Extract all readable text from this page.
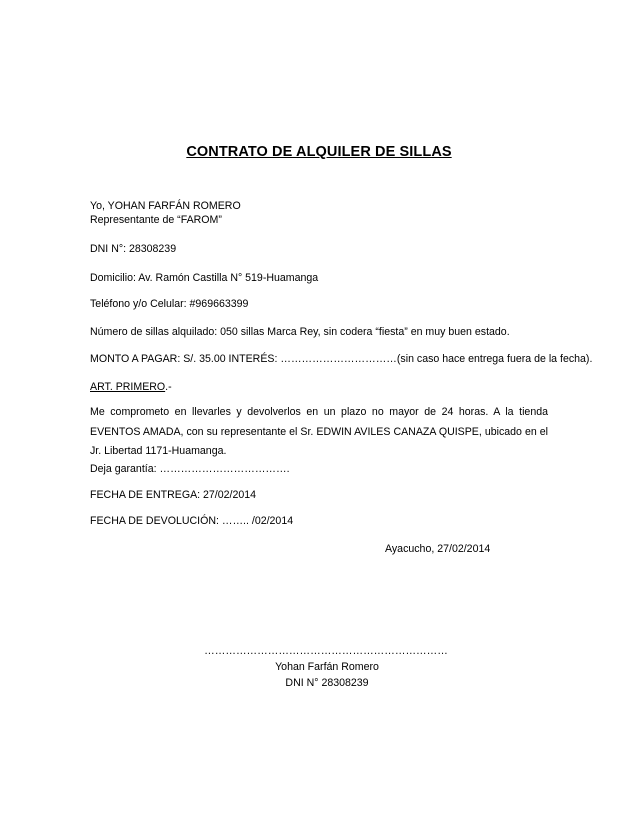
CONTRATO DE ALQUILER DE SILLAS
Yo, YOHAN FARFÁN ROMERO
Representante de “FAROM”
DNI N°: 28308239
Domicilio: Av. Ramón Castilla N° 519-Huamanga
Teléfono y/o Celular: #969663399
Número de sillas alquilado: 050 sillas Marca Rey, sin codera “fiesta” en muy buen estado.
MONTO A PAGAR: S/. 35.00 INTERÉS: ……………………………(sin caso hace entrega fuera de la fecha).
ART. PRIMERO.-
Me comprometo en llevarles y devolverlos en un plazo no mayor de 24 horas. A la tienda EVENTOS AMADA, con su representante el Sr. EDWIN AVILES CANAZA QUISPE, ubicado en el Jr. Libertad 1171-Huamanga.
Deja garantía: ……………………………….
FECHA DE ENTREGA: 27/02/2014
FECHA DE DEVOLUCIÓN: …….. /02/2014
Ayacucho, 27/02/2014
……………………………………………………………
Yohan Farfán Romero
DNI N° 28308239
